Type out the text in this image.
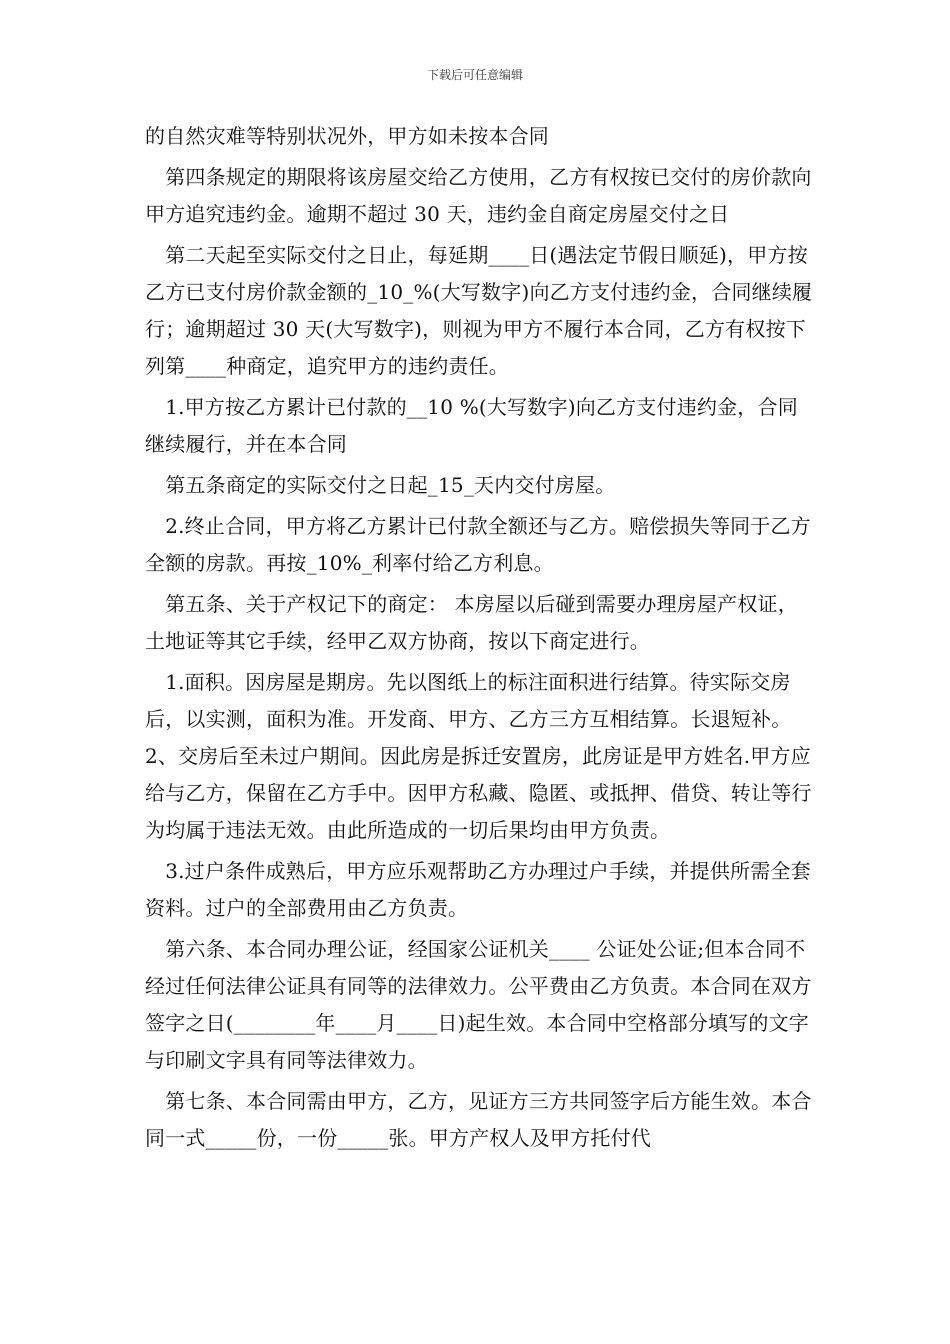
下载后可任意编辑

的自然灾难等特别状况外，甲方如未按本合同

　第四条规定的期限将该房屋交给乙方使用，乙方有权按已交付的房价款向甲方追究违约金。逾期不超过 30 天，违约金自商定房屋交付之日

　第二天起至实际交付之日止，每延期____日(遇法定节假日顺延)，甲方按乙方已支付房价款金额的_10_%(大写数字)向乙方支付违约金，合同继续履行；逾期超过 30 天(大写数字)，则视为甲方不履行本合同，乙方有权按下列第____种商定，追究甲方的违约责任。

　1.甲方按乙方累计已付款的__10 %(大写数字)向乙方支付违约金，合同继续履行，并在本合同

　第五条商定的实际交付之日起_15_天内交付房屋。

　2.终止合同，甲方将乙方累计已付款全额还与乙方。赔偿损失等同于乙方全额的房款。再按_10%_利率付给乙方利息。

　第五条、关于产权记下的商定： 本房屋以后碰到需要办理房屋产权证，土地证等其它手续，经甲乙双方协商，按以下商定进行。

　1.面积。因房屋是期房。先以图纸上的标注面积进行结算。待实际交房后，以实测，面积为准。开发商、甲方、乙方三方互相结算。长退短补。　　2、交房后至未过户期间。因此房是拆迁安置房，此房证是甲方姓名.甲方应给与乙方，保留在乙方手中。因甲方私藏、隐匿、或抵押、借贷、转让等行为均属于违法无效。由此所造成的一切后果均由甲方负责。

　3.过户条件成熟后，甲方应乐观帮助乙方办理过户手续，并提供所需全套资料。过户的全部费用由乙方负责。

　第六条、本合同办理公证，经国家公证机关____ 公证处公证;但本合同不经过任何法律公证具有同等的法律效力。公平费由乙方负责。本合同在双方签字之日(________年____月____日)起生效。本合同中空格部分填写的文字与印刷文字具有同等法律效力。

　第七条、本合同需由甲方，乙方，见证方三方共同签字后方能生效。本合同一式_____份，一份_____张。甲方产权人及甲方托付代
